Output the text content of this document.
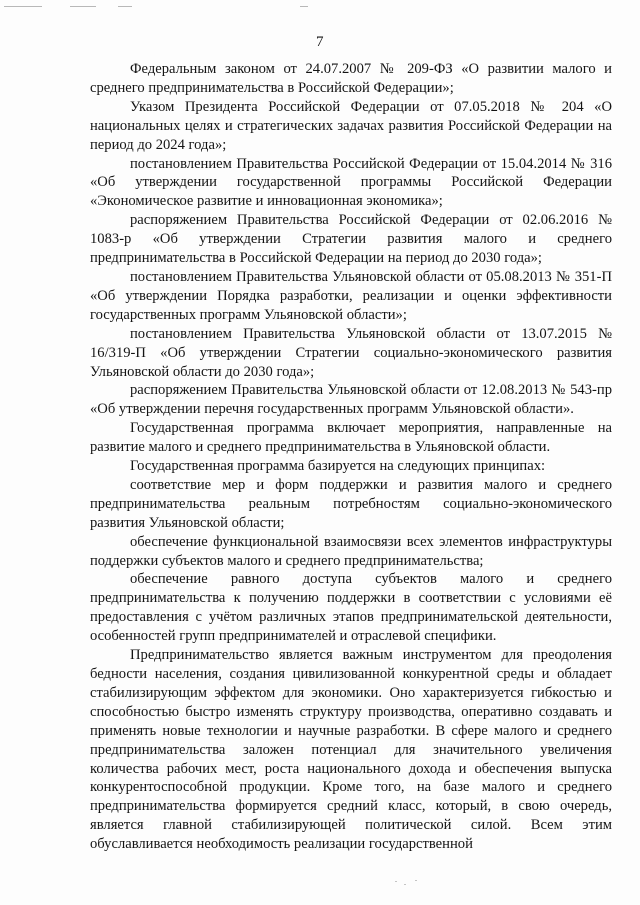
7

Федеральным законом от 24.07.2007 № 209-ФЗ «О развитии малого и среднего предпринимательства в Российской Федерации»;

Указом Президента Российской Федерации от 07.05.2018 № 204 «О национальных целях и стратегических задачах развития Российской Федерации на период до 2024 года»;

постановлением Правительства Российской Федерации от 15.04.2014 № 316 «Об утверждении государственной программы Российской Федерации «Экономическое развитие и инновационная экономика»;

распоряжением Правительства Российской Федерации от 02.06.2016 № 1083-р «Об утверждении Стратегии развития малого и среднего предпринимательства в Российской Федерации на период до 2030 года»;

постановлением Правительства Ульяновской области от 05.08.2013 № 351-П «Об утверждении Порядка разработки, реализации и оценки эффективности государственных программ Ульяновской области»;

постановлением Правительства Ульяновской области от 13.07.2015 № 16/319-П «Об утверждении Стратегии социально-экономического развития Ульяновской области до 2030 года»;

распоряжением Правительства Ульяновской области от 12.08.2013 № 543-пр «Об утверждении перечня государственных программ Ульяновской области».

Государственная программа включает мероприятия, направленные на развитие малого и среднего предпринимательства в Ульяновской области.

Государственная программа базируется на следующих принципах:

соответствие мер и форм поддержки и развития малого и среднего предпринимательства реальным потребностям социально-экономического развития Ульяновской области;

обеспечение функциональной взаимосвязи всех элементов инфраструктуры поддержки субъектов малого и среднего предпринимательства;

обеспечение равного доступа субъектов малого и среднего предпринимательства к получению поддержки в соответствии с условиями её предоставления с учётом различных этапов предпринимательской деятельности, особенностей групп предпринимателей и отраслевой специфики.

Предпринимательство является важным инструментом для преодоления бедности населения, создания цивилизованной конкурентной среды и обладает стабилизирующим эффектом для экономики. Оно характеризуется гибкостью и способностью быстро изменять структуру производства, оперативно создавать и применять новые технологии и научные разработки. В сфере малого и среднего предпринимательства заложен потенциал для значительного увеличения количества рабочих мест, роста национального дохода и обеспечения выпуска конкурентоспособной продукции. Кроме того, на базе малого и среднего предпринимательства формируется средний класс, который, в свою очередь, является главной стабилизирующей политической силой. Всем этим обуславливается необходимость реализации государственной
